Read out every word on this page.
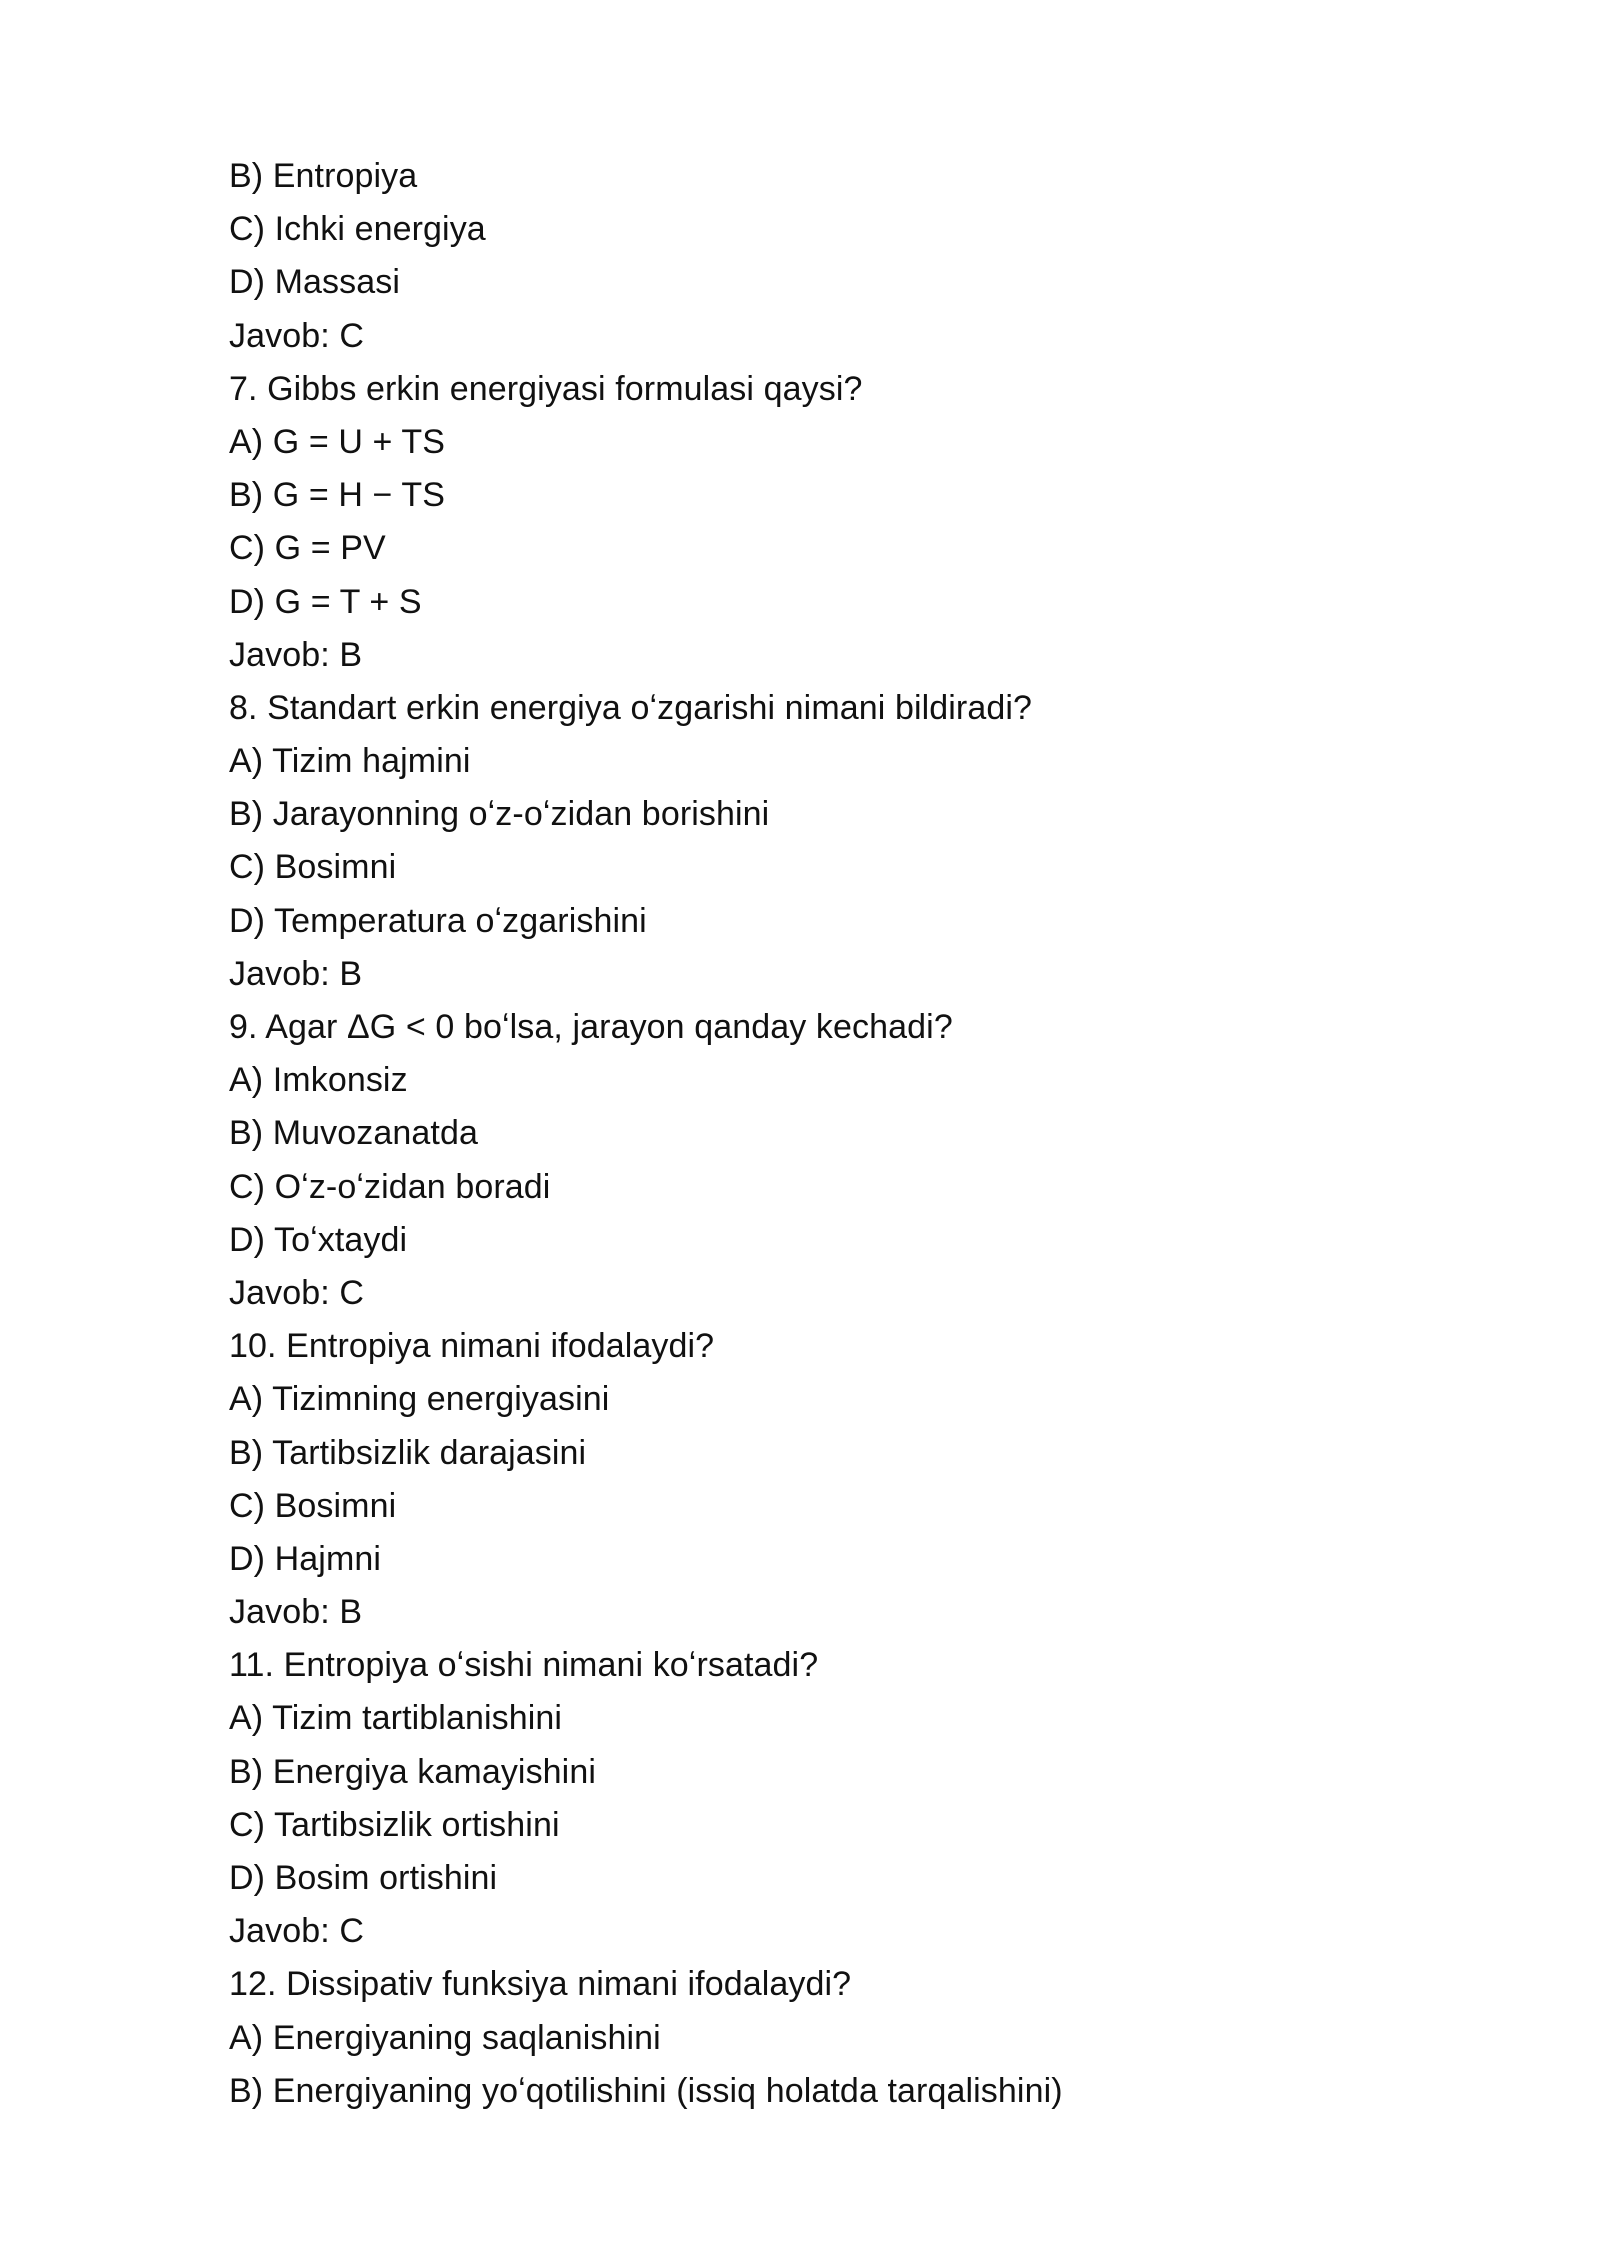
B) Entropiya
C) Ichki energiya
D) Massasi
Javob: C
7. Gibbs erkin energiyasi formulasi qaysi?
A) G = U + TS
B) G = H − TS
C) G = PV
D) G = T + S
Javob: B
8. Standart erkin energiya oʻzgarishi nimani bildiradi?
A) Tizim hajmini
B) Jarayonning oʻz-oʻzidan borishini
C) Bosimni
D) Temperatura oʻzgarishini
Javob: B
9. Agar ΔG < 0 boʻlsa, jarayon qanday kechadi?
A) Imkonsiz
B) Muvozanatda
C) Oʻz-oʻzidan boradi
D) Toʻxtaydi
Javob: C
10. Entropiya nimani ifodalaydi?
A) Tizimning energiyasini
B) Tartibsizlik darajasini
C) Bosimni
D) Hajmni
Javob: B
11. Entropiya oʻsishi nimani koʻrsatadi?
A) Tizim tartiblanishini
B) Energiya kamayishini
C) Tartibsizlik ortishini
D) Bosim ortishini
Javob: C
12. Dissipativ funksiya nimani ifodalaydi?
A) Energiyaning saqlanishini
B) Energiyaning yoʻqotilishini (issiq holatda tarqalishini)
